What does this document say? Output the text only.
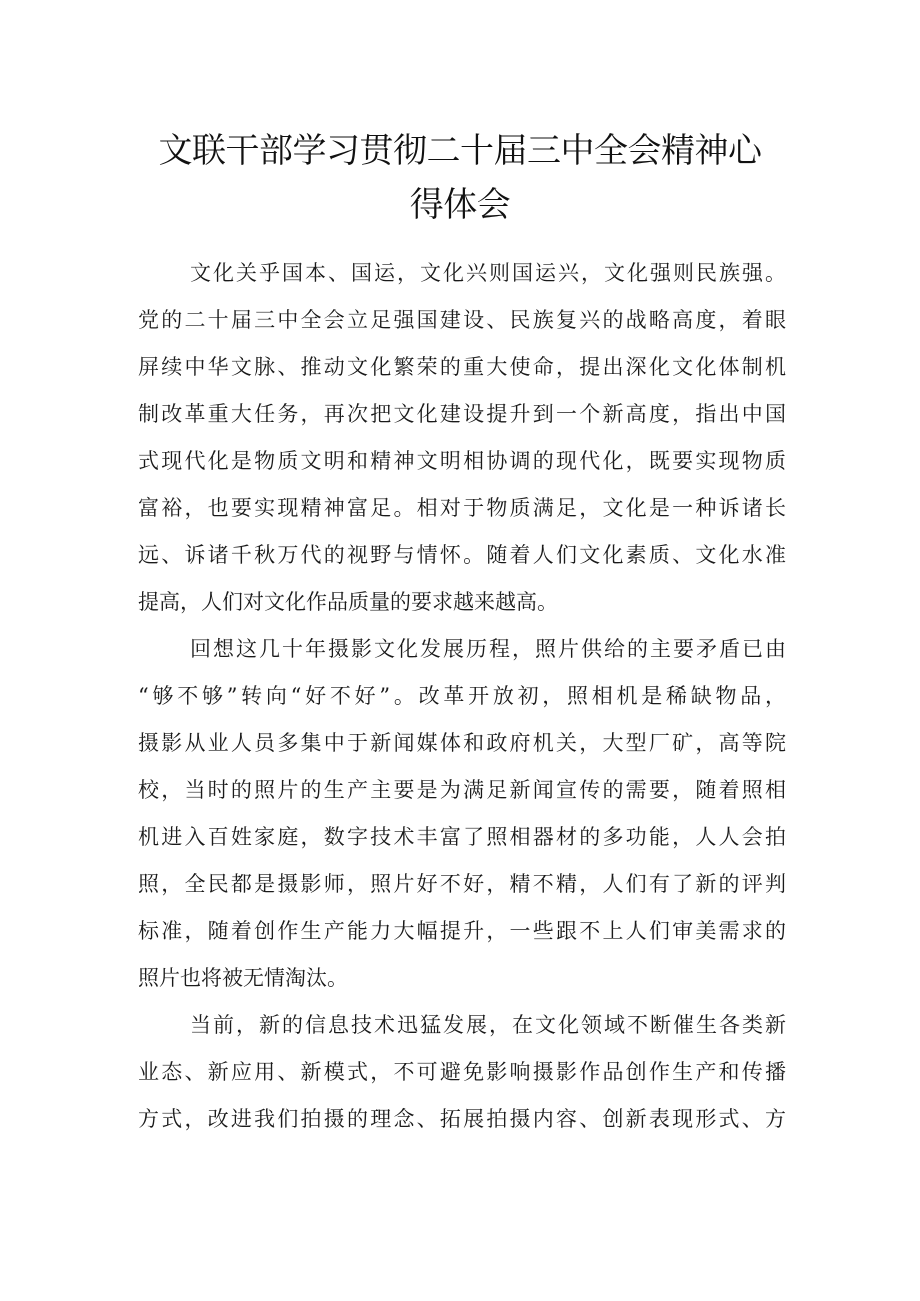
文联干部学习贯彻二十届三中全会精神心
得体会
文化关乎国本、国运，文化兴则国运兴，文化强则民族强。
党的二十届三中全会立足强国建设、民族复兴的战略高度，着眼
屏续中华文脉、推动文化繁荣的重大使命，提出深化文化体制机
制改革重大任务，再次把文化建设提升到一个新高度，指出中国
式现代化是物质文明和精神文明相协调的现代化，既要实现物质
富裕，也要实现精神富足。相对于物质满足，文化是一种诉诸长
远、诉诸千秋万代的视野与情怀。随着人们文化素质、文化水准
提高，人们对文化作品质量的要求越来越高。
回想这几十年摄影文化发展历程，照片供给的主要矛盾已由
“够不够”转向“好不好”。改革开放初，照相机是稀缺物品，
摄影从业人员多集中于新闻媒体和政府机关，大型厂矿，高等院
校，当时的照片的生产主要是为满足新闻宣传的需要，随着照相
机进入百姓家庭，数字技术丰富了照相器材的多功能，人人会拍
照，全民都是摄影师，照片好不好，精不精，人们有了新的评判
标准，随着创作生产能力大幅提升，一些跟不上人们审美需求的
照片也将被无情淘汰。
当前，新的信息技术迅猛发展，在文化领域不断催生各类新
业态、新应用、新模式，不可避免影响摄影作品创作生产和传播
方式，改进我们拍摄的理念、拓展拍摄内容、创新表现形式、方
